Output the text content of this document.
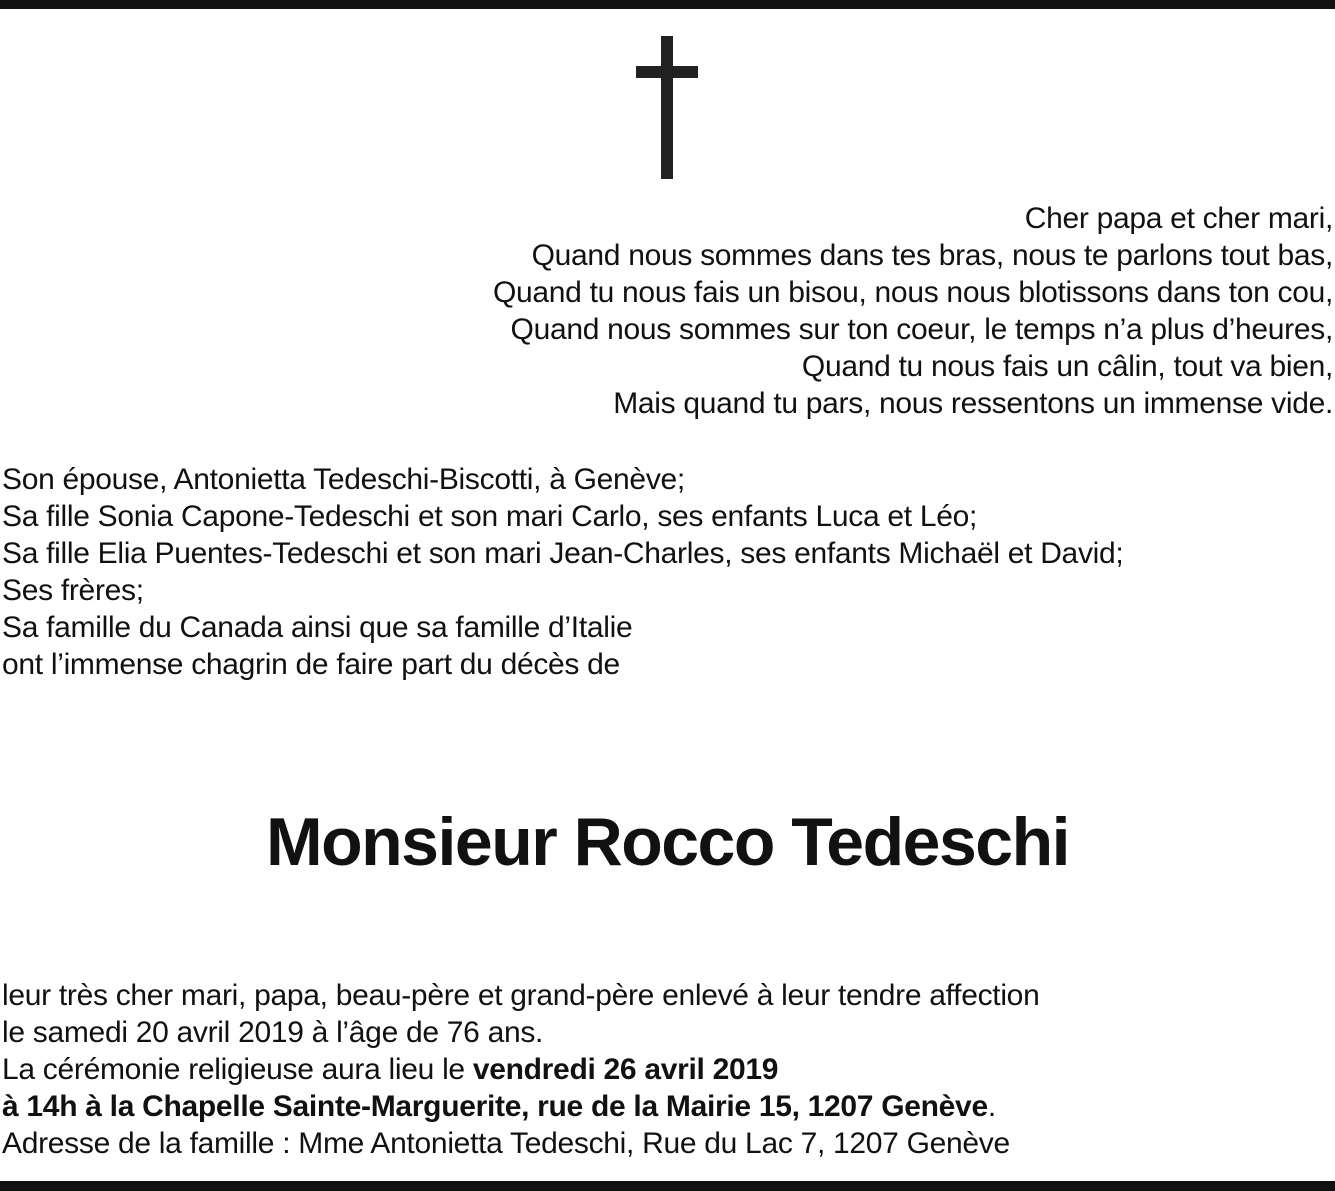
Cher papa et cher mari,
Quand nous sommes dans tes bras, nous te parlons tout bas,
Quand tu nous fais un bisou, nous nous blotissons dans ton cou,
Quand nous sommes sur ton coeur, le temps n’a plus d’heures,
Quand tu nous fais un câlin, tout va bien,
Mais quand tu pars, nous ressentons un immense vide.
Son épouse, Antonietta Tedeschi-Biscotti, à Genève;
Sa fille Sonia Capone-Tedeschi et son mari Carlo, ses enfants Luca et Léo;
Sa fille Elia Puentes-Tedeschi et son mari Jean-Charles, ses enfants Michaël et David;
Ses frères;
Sa famille du Canada ainsi que sa famille d’Italie
ont l’immense chagrin de faire part du décès de
Monsieur Rocco Tedeschi
leur très cher mari, papa, beau-père et grand-père enlevé à leur tendre affection
le samedi 20 avril 2019 à l’âge de 76 ans.
La cérémonie religieuse aura lieu le vendredi 26 avril 2019
à 14h à la Chapelle Sainte-Marguerite, rue de la Mairie 15, 1207 Genève.
Adresse de la famille : Mme Antonietta Tedeschi, Rue du Lac 7, 1207 Genève
